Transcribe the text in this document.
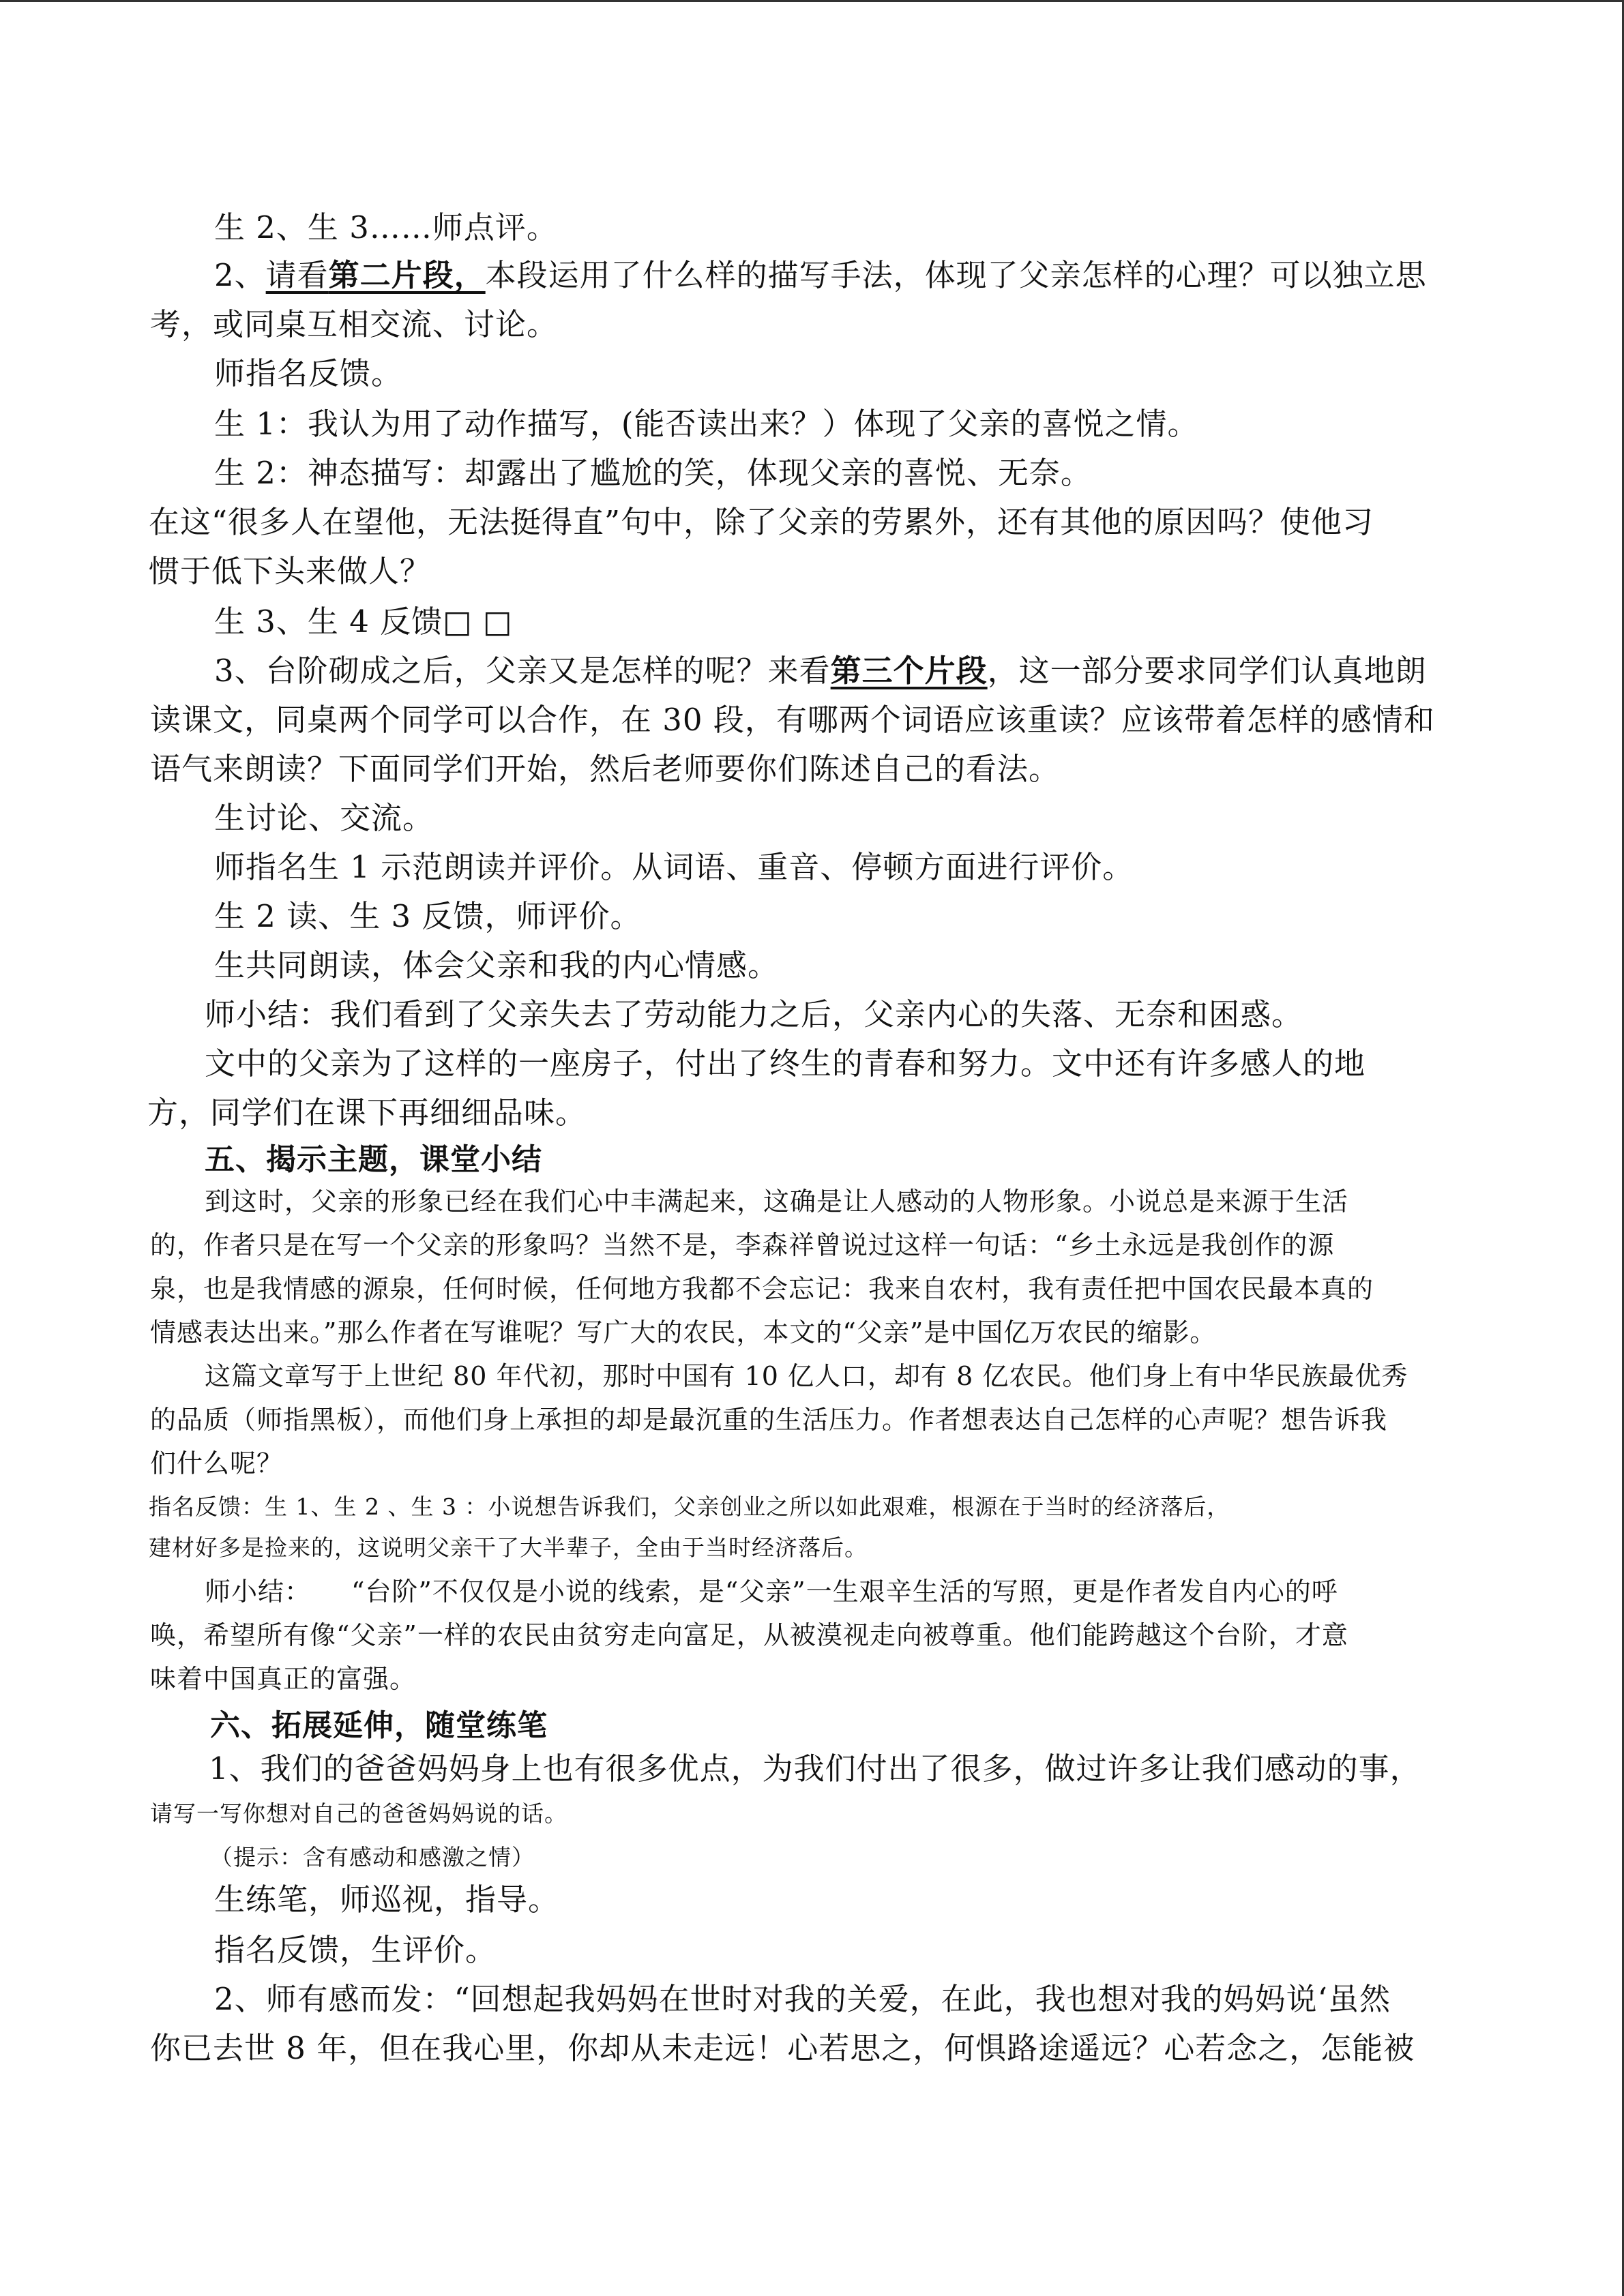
生 2、生 3……师点评。
2、请看第二片段，本段运用了什么样的描写手法，体现了父亲怎样的心理？可以独立思
考，或同桌互相交流、讨论。
师指名反馈。
生 1：我认为用了动作描写，(能否读出来？）体现了父亲的喜悦之情。
生 2：神态描写：却露出了尴尬的笑，体现父亲的喜悦、无奈。
在这“很多人在望他，无法挺得直”句中，除了父亲的劳累外，还有其他的原因吗？使他习
惯于低下头来做人？
生 3、生 4 反馈□ □
3、台阶砌成之后，父亲又是怎样的呢？来看第三个片段，这一部分要求同学们认真地朗
读课文，同桌两个同学可以合作，在 30 段，有哪两个词语应该重读？应该带着怎样的感情和
语气来朗读？下面同学们开始，然后老师要你们陈述自己的看法。
生讨论、交流。
师指名生 1 示范朗读并评价。从词语、重音、停顿方面进行评价。
生 2 读、生 3 反馈，师评价。
生共同朗读，体会父亲和我的内心情感。
师小结：我们看到了父亲失去了劳动能力之后，父亲内心的失落、无奈和困惑。
文中的父亲为了这样的一座房子，付出了终生的青春和努力。文中还有许多感人的地
方，同学们在课下再细细品味。
五、揭示主题，课堂小结
到这时，父亲的形象已经在我们心中丰满起来，这确是让人感动的人物形象。小说总是来源于生活
的，作者只是在写一个父亲的形象吗？当然不是，李森祥曾说过这样一句话：“乡土永远是我创作的源
泉，也是我情感的源泉，任何时候，任何地方我都不会忘记：我来自农村，我有责任把中国农民最本真的
情感表达出来。”那么作者在写谁呢？写广大的农民，本文的“父亲”是中国亿万农民的缩影。
这篇文章写于上世纪 80 年代初，那时中国有 10 亿人口，却有 8 亿农民。他们身上有中华民族最优秀
的品质（师指黑板），而他们身上承担的却是最沉重的生活压力。作者想表达自己怎样的心声呢？想告诉我
们什么呢？
指名反馈：生 1、生 2 、生 3 ：小说想告诉我们，父亲创业之所以如此艰难，根源在于当时的经济落后，
建材好多是捡来的，这说明父亲干了大半辈子，全由于当时经济落后。
师小结：　　“台阶”不仅仅是小说的线索，是“父亲”一生艰辛生活的写照，更是作者发自内心的呼
唤，希望所有像“父亲”一样的农民由贫穷走向富足，从被漠视走向被尊重。他们能跨越这个台阶，才意
味着中国真正的富强。
六、拓展延伸，随堂练笔
1、我们的爸爸妈妈身上也有很多优点，为我们付出了很多，做过许多让我们感动的事，
请写一写你想对自己的爸爸妈妈说的话。
（提示：含有感动和感激之情）
生练笔，师巡视，指导。
指名反馈，生评价。
2、师有感而发：“回想起我妈妈在世时对我的关爱，在此，我也想对我的妈妈说‘虽然
你已去世 8 年，但在我心里，你却从未走远！心若思之，何惧路途遥远？心若念之，怎能被
